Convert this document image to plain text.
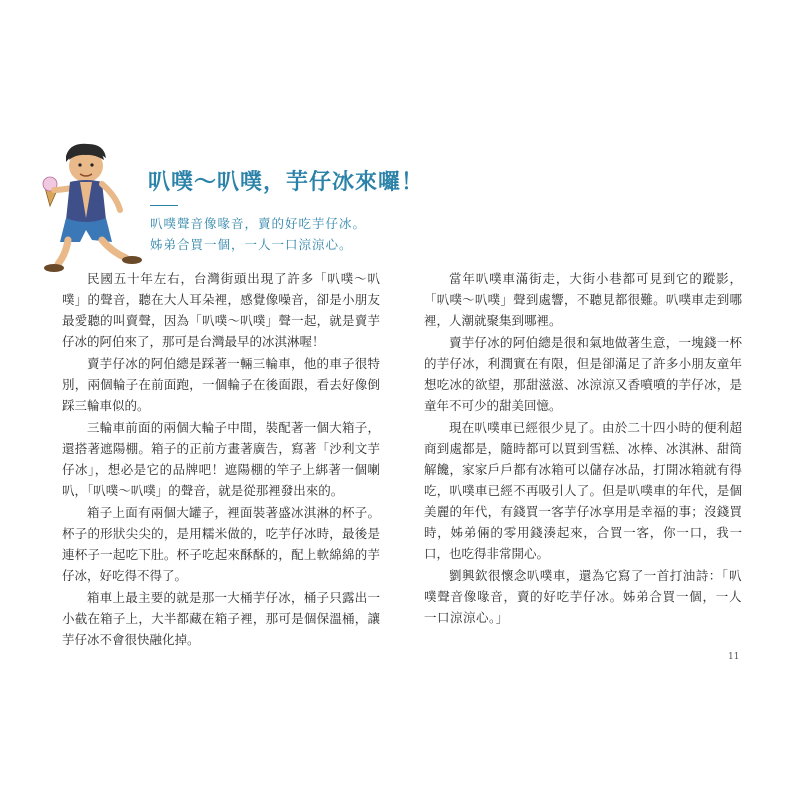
叭噗～叭噗，芋仔冰來囉！
叭噗聲音像喙音，賣的好吃芋仔冰。
姊弟合買一個，一人一口涼涼心。

民國五十年左右，台灣街頭出現了許多「叭噗～叭噗」的聲音，聽在大人耳朵裡，感覺像噪音，卻是小朋友最愛聽的叫賣聲，因為「叭噗～叭噗」聲一起，就是賣芋仔冰的阿伯來了，那可是台灣最早的冰淇淋喔！

賣芋仔冰的阿伯總是踩著一輛三輪車，他的車子很特別，兩個輪子在前面跑，一個輪子在後面跟，看去好像倒踩三輪車似的。

三輪車前面的兩個大輪子中間，裝配著一個大箱子，還搭著遮陽棚。箱子的正前方畫著廣告，寫著「沙利文芋仔冰」，想必是它的品牌吧！遮陽棚的竿子上綁著一個喇叭，「叭噗～叭噗」的聲音，就是從那裡發出來的。

箱子上面有兩個大罐子，裡面裝著盛冰淇淋的杯子。杯子的形狀尖尖的，是用糯米做的，吃芋仔冰時，最後是連杯子一起吃下肚。杯子吃起來酥酥的，配上軟綿綿的芋仔冰，好吃得不得了。

箱車上最主要的就是那一大桶芋仔冰，桶子只露出一小截在箱子上，大半都藏在箱子裡，那可是個保溫桶，讓芋仔冰不會很快融化掉。

當年叭噗車滿街走，大街小巷都可見到它的蹤影，「叭噗～叭噗」聲到處響，不聽見都很難。叭噗車走到哪裡，人潮就聚集到哪裡。

賣芋仔冰的阿伯總是很和氣地做著生意，一塊錢一杯的芋仔冰，利潤實在有限，但是卻滿足了許多小朋友童年想吃冰的欲望，那甜滋滋、冰涼涼又香噴噴的芋仔冰，是童年不可少的甜美回憶。

現在叭噗車已經很少見了。由於二十四小時的便利超商到處都是，隨時都可以買到雪糕、冰棒、冰淇淋、甜筒解饞，家家戶戶都有冰箱可以儲存冰品，打開冰箱就有得吃，叭噗車已經不再吸引人了。但是叭噗車的年代，是個美麗的年代，有錢買一客芋仔冰享用是幸福的事；沒錢買時，姊弟倆的零用錢湊起來，合買一客，你一口，我一口，也吃得非常開心。

劉興欽很懷念叭噗車，還為它寫了一首打油詩：「叭噗聲音像喙音，賣的好吃芋仔冰。姊弟合買一個，一人一口涼涼心。」

11
